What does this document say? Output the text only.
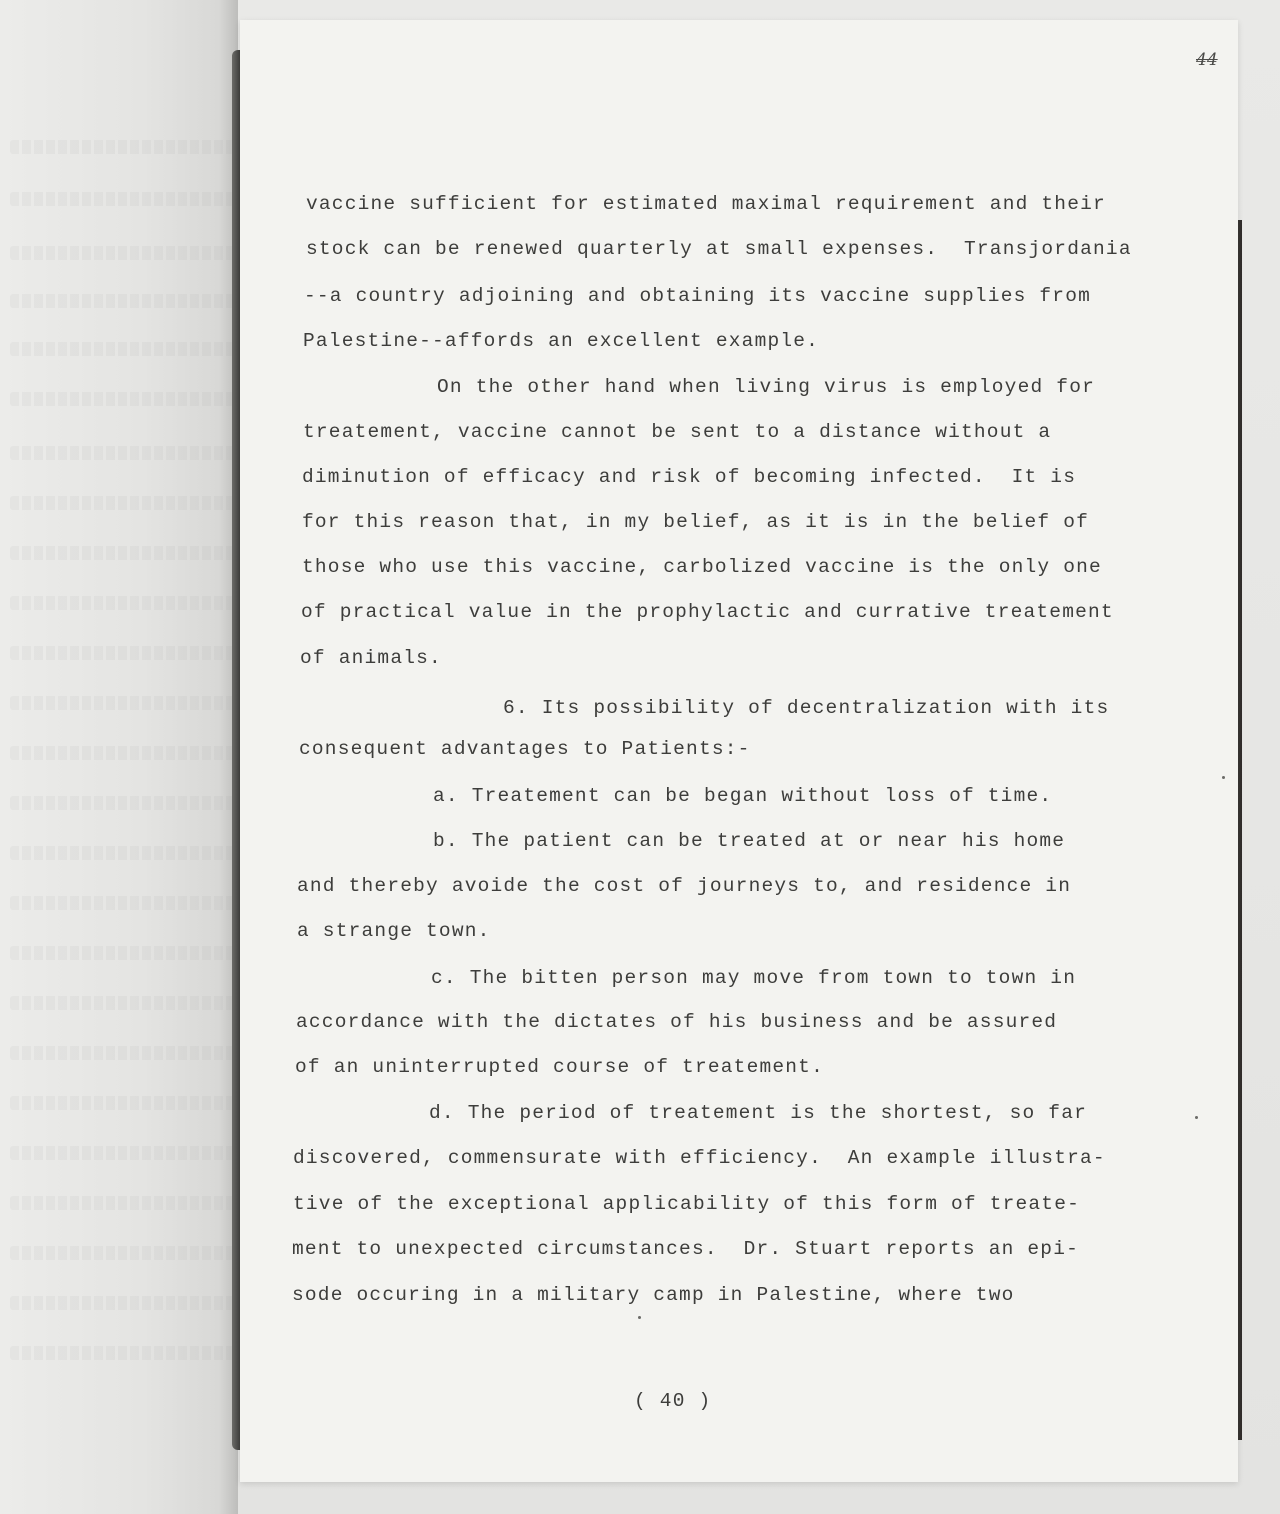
44
vaccine sufficient for estimated maximal requirement and their
stock can be renewed quarterly at small expenses.  Transjordania
--a country adjoining and obtaining its vaccine supplies from
Palestine--affords an excellent example.
On the other hand when living virus is employed for
treatement, vaccine cannot be sent to a distance without a
diminution of efficacy and risk of becoming infected.  It is
for this reason that, in my belief, as it is in the belief of
those who use this vaccine, carbolized vaccine is the only one
of practical value in the prophylactic and currative treatement
of animals.
6. Its possibility of decentralization with its
consequent advantages to Patients:-
a. Treatement can be began without loss of time.
b. The patient can be treated at or near his home
and thereby avoide the cost of journeys to, and residence in
a strange town.
c. The bitten person may move from town to town in
accordance with the dictates of his business and be assured
of an uninterrupted course of treatement.
d. The period of treatement is the shortest, so far
discovered, commensurate with efficiency.  An example illustra-
tive of the exceptional applicability of this form of treate-
ment to unexpected circumstances.  Dr. Stuart reports an epi-
sode occuring in a military camp in Palestine, where two
( 40 )
